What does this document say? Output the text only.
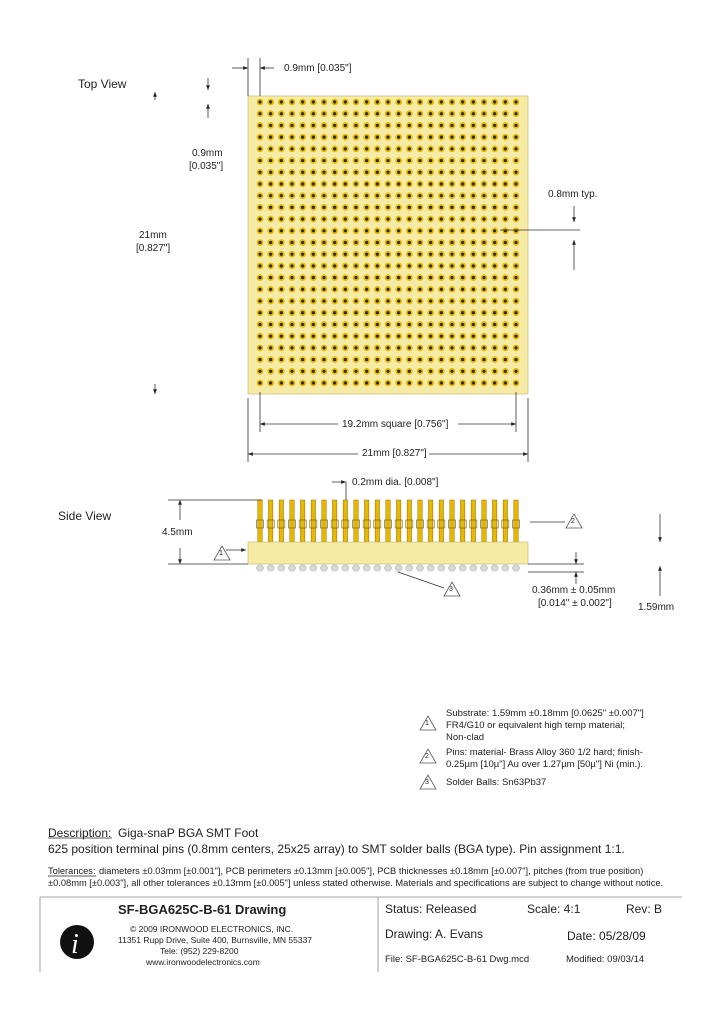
i
Top View
0.9mm [0.035"]
0.9mm
[0.035"]
0.8mm typ.
21mm
[0.827"]
19.2mm square [0.756"]
21mm [0.827"]
Side View
0.2mm dia. [0.008"]
4.5mm
0.36mm ± 0.05mm
[0.014" ± 0.002"]	1.59mm
1
2
3
1
Substrate: 1.59mm ±0.18mm [0.0625" ±0.007"]
FR4/G10 or equivalent high temp material;
Non-clad
2 Pins: material- Brass Alloy 360 1/2 hard; finish-
0.25µm [10µ"] Au over 1.27µm [50µ"] Ni (min.).
3 Solder Balls: Sn63Pb37
Description: Giga-snaP BGA SMT Foot
625 position terminal pins (0.8mm centers, 25x25 array) to SMT solder balls (BGA type). Pin assignment 1:1.
Tolerances: diameters ±0.03mm [±0.001"], PCB perimeters ±0.13mm [±0.005"], PCB thicknesses ±0.18mm [±0.007"], pitches (from true position)
±0.08mm [±0.003"], all other tolerances ±0.13mm [±0.005"] unless stated otherwise. Materials and specifications are subject to change without notice.
SF-BGA625C-B-61 Drawing
© 2009 IRONWOOD ELECTRONICS, INC.
11351 Rupp Drive, Suite 400, Burnsville, MN 55337
Tele: (952) 229-8200
www.ironwoodelectronics.com
Status: Released	Scale: 4:1	Rev: B
Drawing: A. Evans	Date: 05/28/09
File: SF-BGA625C-B-61 Dwg.mcd	Modified: 09/03/14
